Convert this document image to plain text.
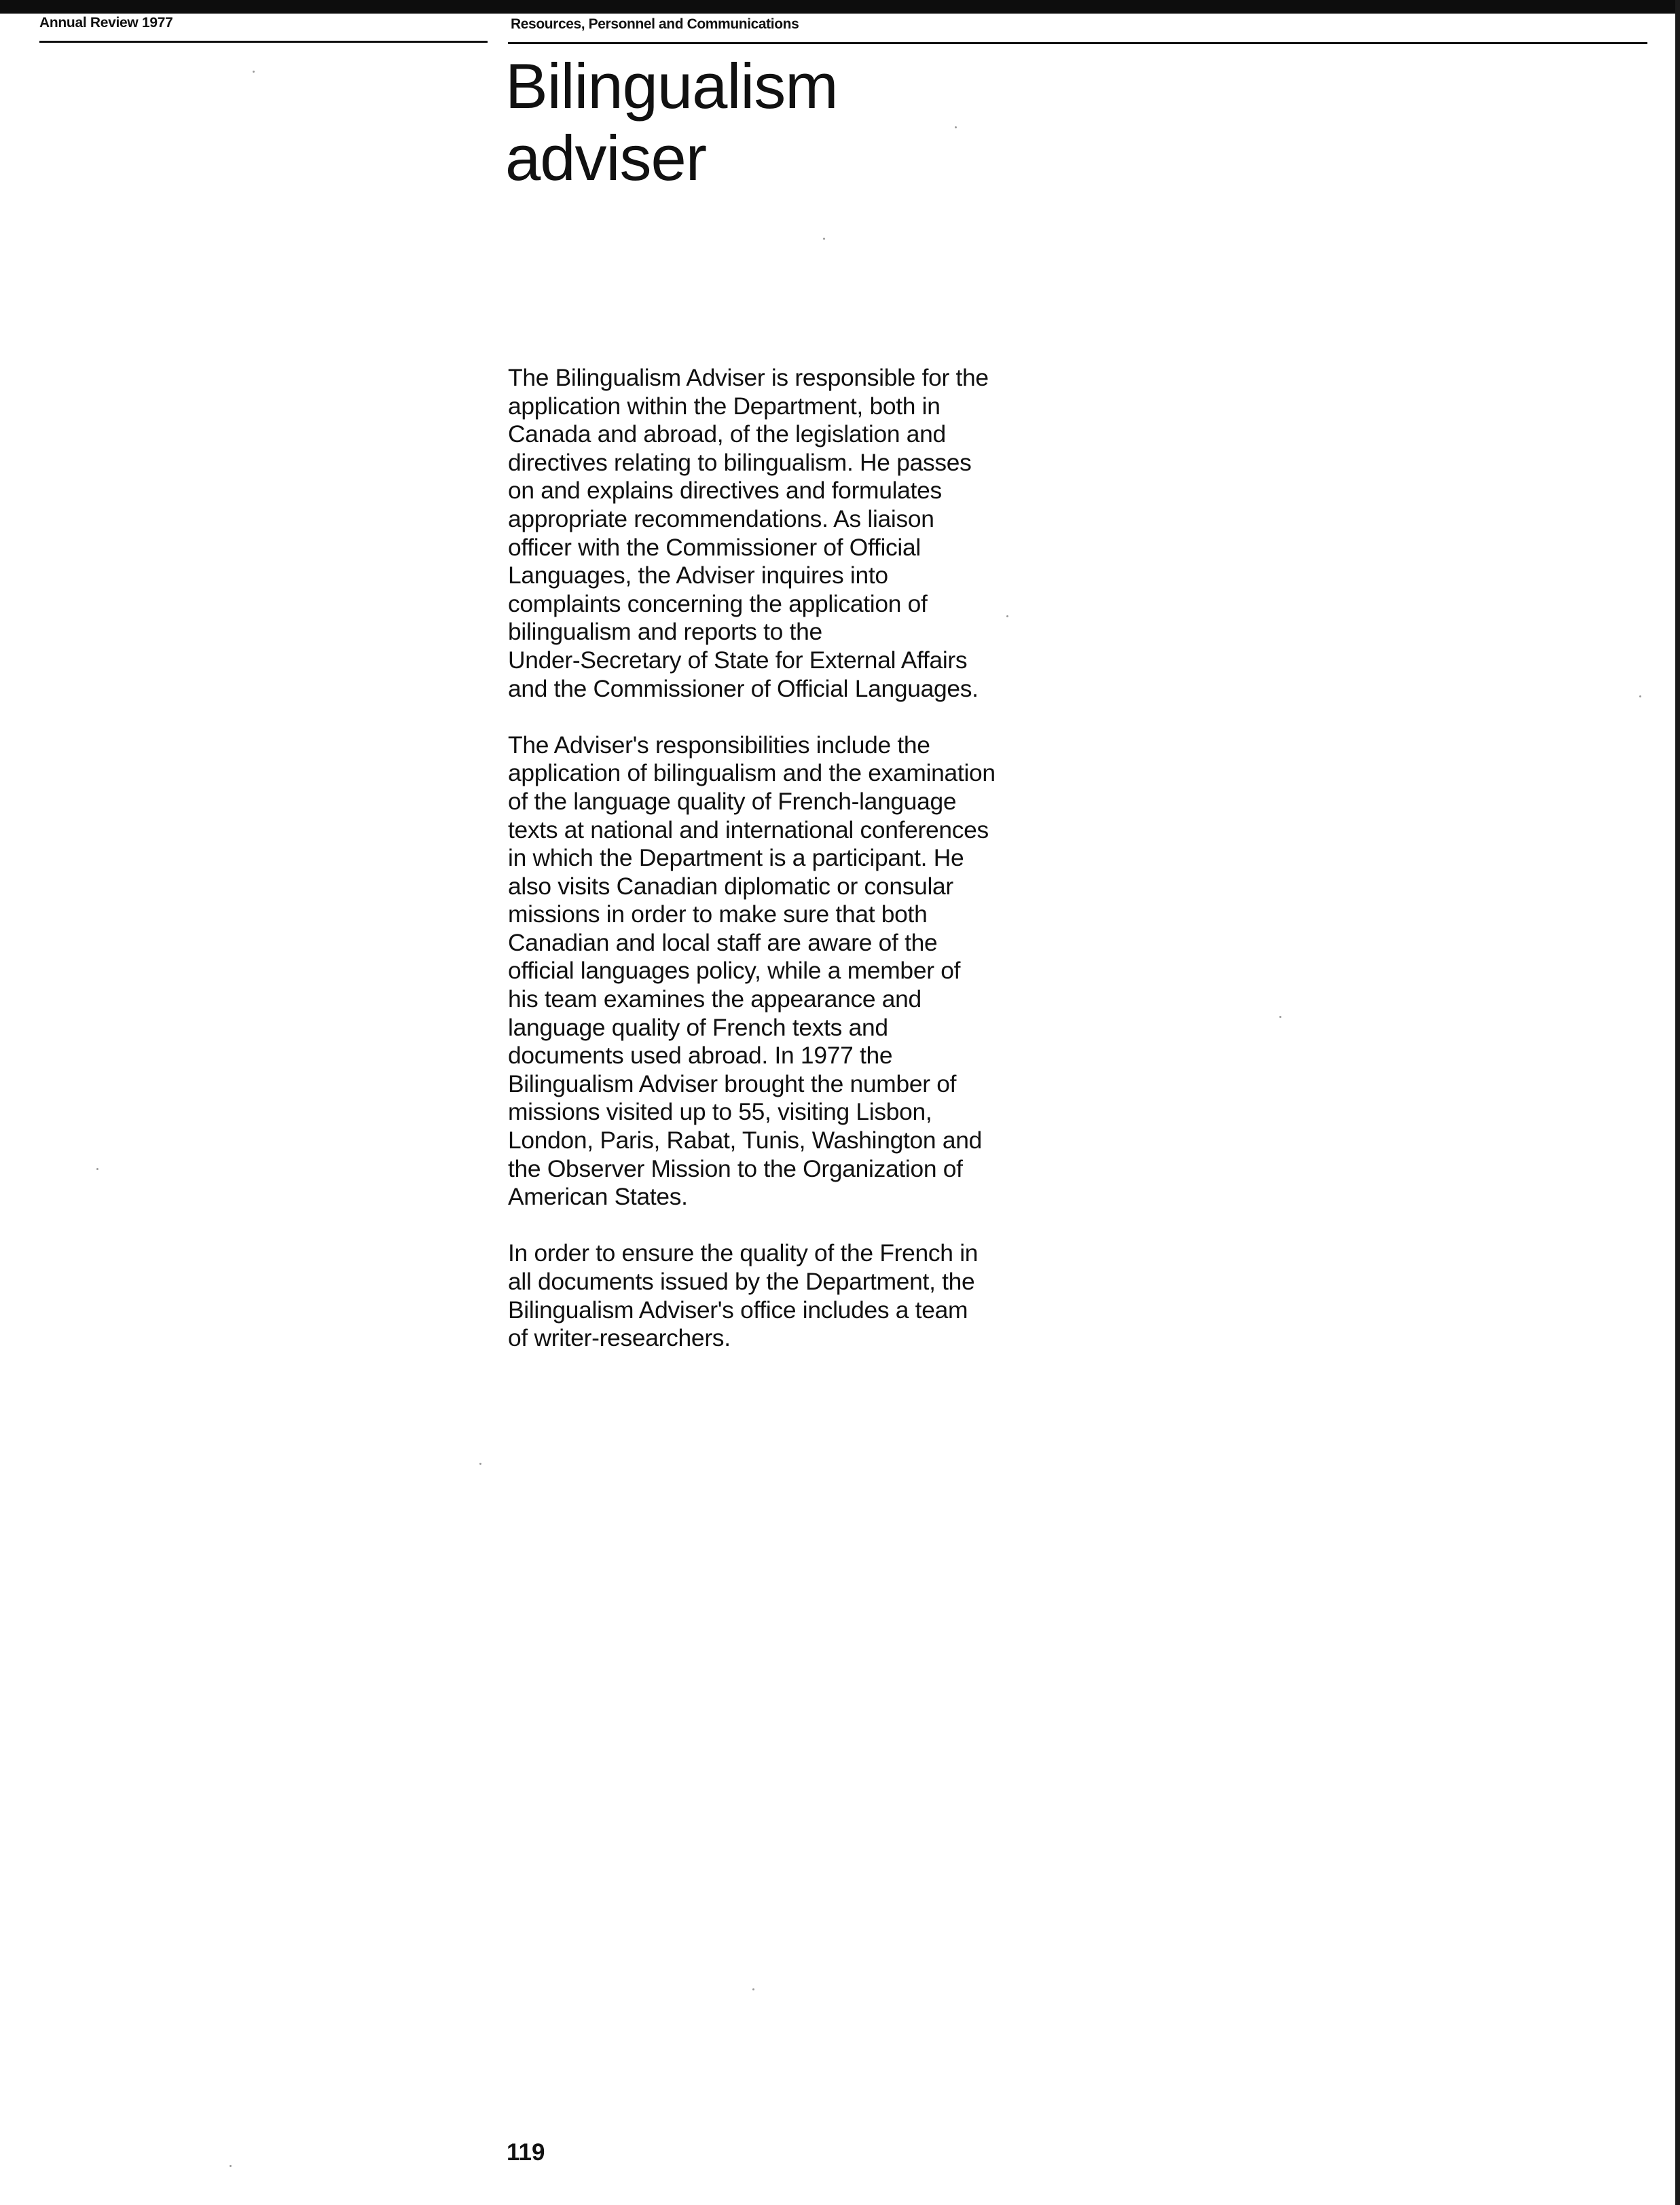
Annual Review 1977	Resources, Personnel and Communications
Bilingualism
adviser

The Bilingualism Adviser is responsible for the
application within the Department, both in
Canada and abroad, of the legislation and
directives relating to bilingualism. He passes
on and explains directives and formulates
appropriate recommendations. As liaison
officer with the Commissioner of Official
Languages, the Adviser inquires into
complaints concerning the application of
bilingualism and reports to the
Under-Secretary of State for External Affairs
and the Commissioner of Official Languages.

The Adviser's responsibilities include the
application of bilingualism and the examination
of the language quality of French-language
texts at national and international conferences
in which the Department is a participant. He
also visits Canadian diplomatic or consular
missions in order to make sure that both
Canadian and local staff are aware of the
official languages policy, while a member of
his team examines the appearance and
language quality of French texts and
documents used abroad. In 1977 the
Bilingualism Adviser brought the number of
missions visited up to 55, visiting Lisbon,
London, Paris, Rabat, Tunis, Washington and
the Observer Mission to the Organization of
American States.

In order to ensure the quality of the French in
all documents issued by the Department, the
Bilingualism Adviser's office includes a team
of writer-researchers.

119
